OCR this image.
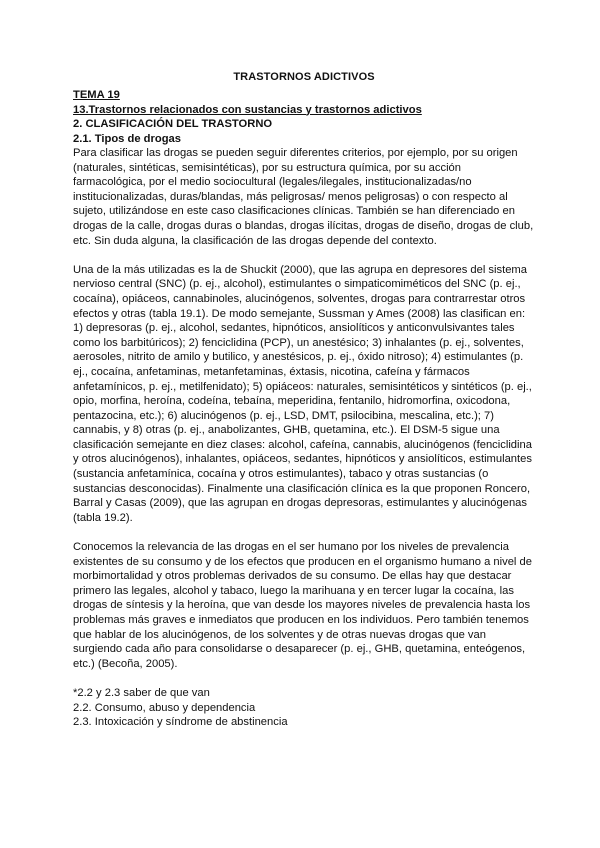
TRASTORNOS ADICTIVOS
TEMA 19
13.Trastornos relacionados con sustancias y trastornos adictivos
2. CLASIFICACIÓN DEL TRASTORNO
2.1. Tipos de drogas

Para clasificar las drogas se pueden seguir diferentes criterios, por ejemplo, por su origen (naturales, sintéticas, semisintéticas), por su estructura química, por su acción farmacológica, por el medio sociocultural (legales/ilegales, institucionalizadas/no institucionalizadas, duras/blandas, más peligrosas/ menos peligrosas) o con respecto al sujeto, utilizándose en este caso clasificaciones clínicas. También se han diferenciado en drogas de la calle, drogas duras o blandas, drogas ilícitas, drogas de diseño, drogas de club, etc. Sin duda alguna, la clasificación de las drogas depende del contexto.

Una de la más utilizadas es la de Shuckit (2000), que las agrupa en depresores del sistema nervioso central (SNC) (p. ej., alcohol), estimulantes o simpaticomiméticos del SNC (p. ej., cocaína), opiáceos, cannabinoles, alucinógenos, solventes, drogas para contrarrestar otros efectos y otras (tabla 19.1). De modo semejante, Sussman y Ames (2008) las clasifican en: 1) depresoras (p. ej., alcohol, sedantes, hipnóticos, ansiolíticos y anticonvulsivantes tales como los barbitúricos); 2) fenciclidina (PCP), un anestésico; 3) inhalantes (p. ej., solventes, aerosoles, nitrito de amilo y butilico, y anestésicos, p. ej., óxido nitroso); 4) estimulantes (p. ej., cocaína, anfetaminas, metanfetaminas, éxtasis, nicotina, cafeína y fármacos anfetamínicos, p. ej., metilfenidato); 5) opiáceos: naturales, semisintéticos y sintéticos (p. ej., opio, morfina, heroína, codeína, tebaína, meperidina, fentanilo, hidromorfina, oxicodona, pentazocina, etc.); 6) alucinógenos (p. ej., LSD, DMT, psilocibina, mescalina, etc.); 7) cannabis, y 8) otras (p. ej., anabolizantes, GHB, quetamina, etc.). El DSM-5 sigue una clasificación semejante en diez clases: alcohol, cafeína, cannabis, alucinógenos (fenciclidina y otros alucinógenos), inhalantes, opiáceos, sedantes, hipnóticos y ansiolíticos, estimulantes (sustancia anfetamínica, cocaína y otros estimulantes), tabaco y otras sustancias (o sustancias desconocidas). Finalmente una clasificación clínica es la que proponen Roncero, Barral y Casas (2009), que las agrupan en drogas depresoras, estimulantes y alucinógenas (tabla 19.2).

Conocemos la relevancia de las drogas en el ser humano por los niveles de prevalencia existentes de su consumo y de los efectos que producen en el organismo humano a nivel de morbimortalidad y otros problemas derivados de su consumo. De ellas hay que destacar primero las legales, alcohol y tabaco, luego la marihuana y en tercer lugar la cocaína, las drogas de síntesis y la heroína, que van desde los mayores niveles de prevalencia hasta los problemas más graves e inmediatos que producen en los individuos. Pero también tenemos que hablar de los alucinógenos, de los solventes y de otras nuevas drogas que van surgiendo cada año para consolidarse o desaparecer (p. ej., GHB, quetamina, enteógenos, etc.) (Becoña, 2005).

*2.2 y 2.3 saber de que van
2.2. Consumo, abuso y dependencia
2.3. Intoxicación y síndrome de abstinencia
